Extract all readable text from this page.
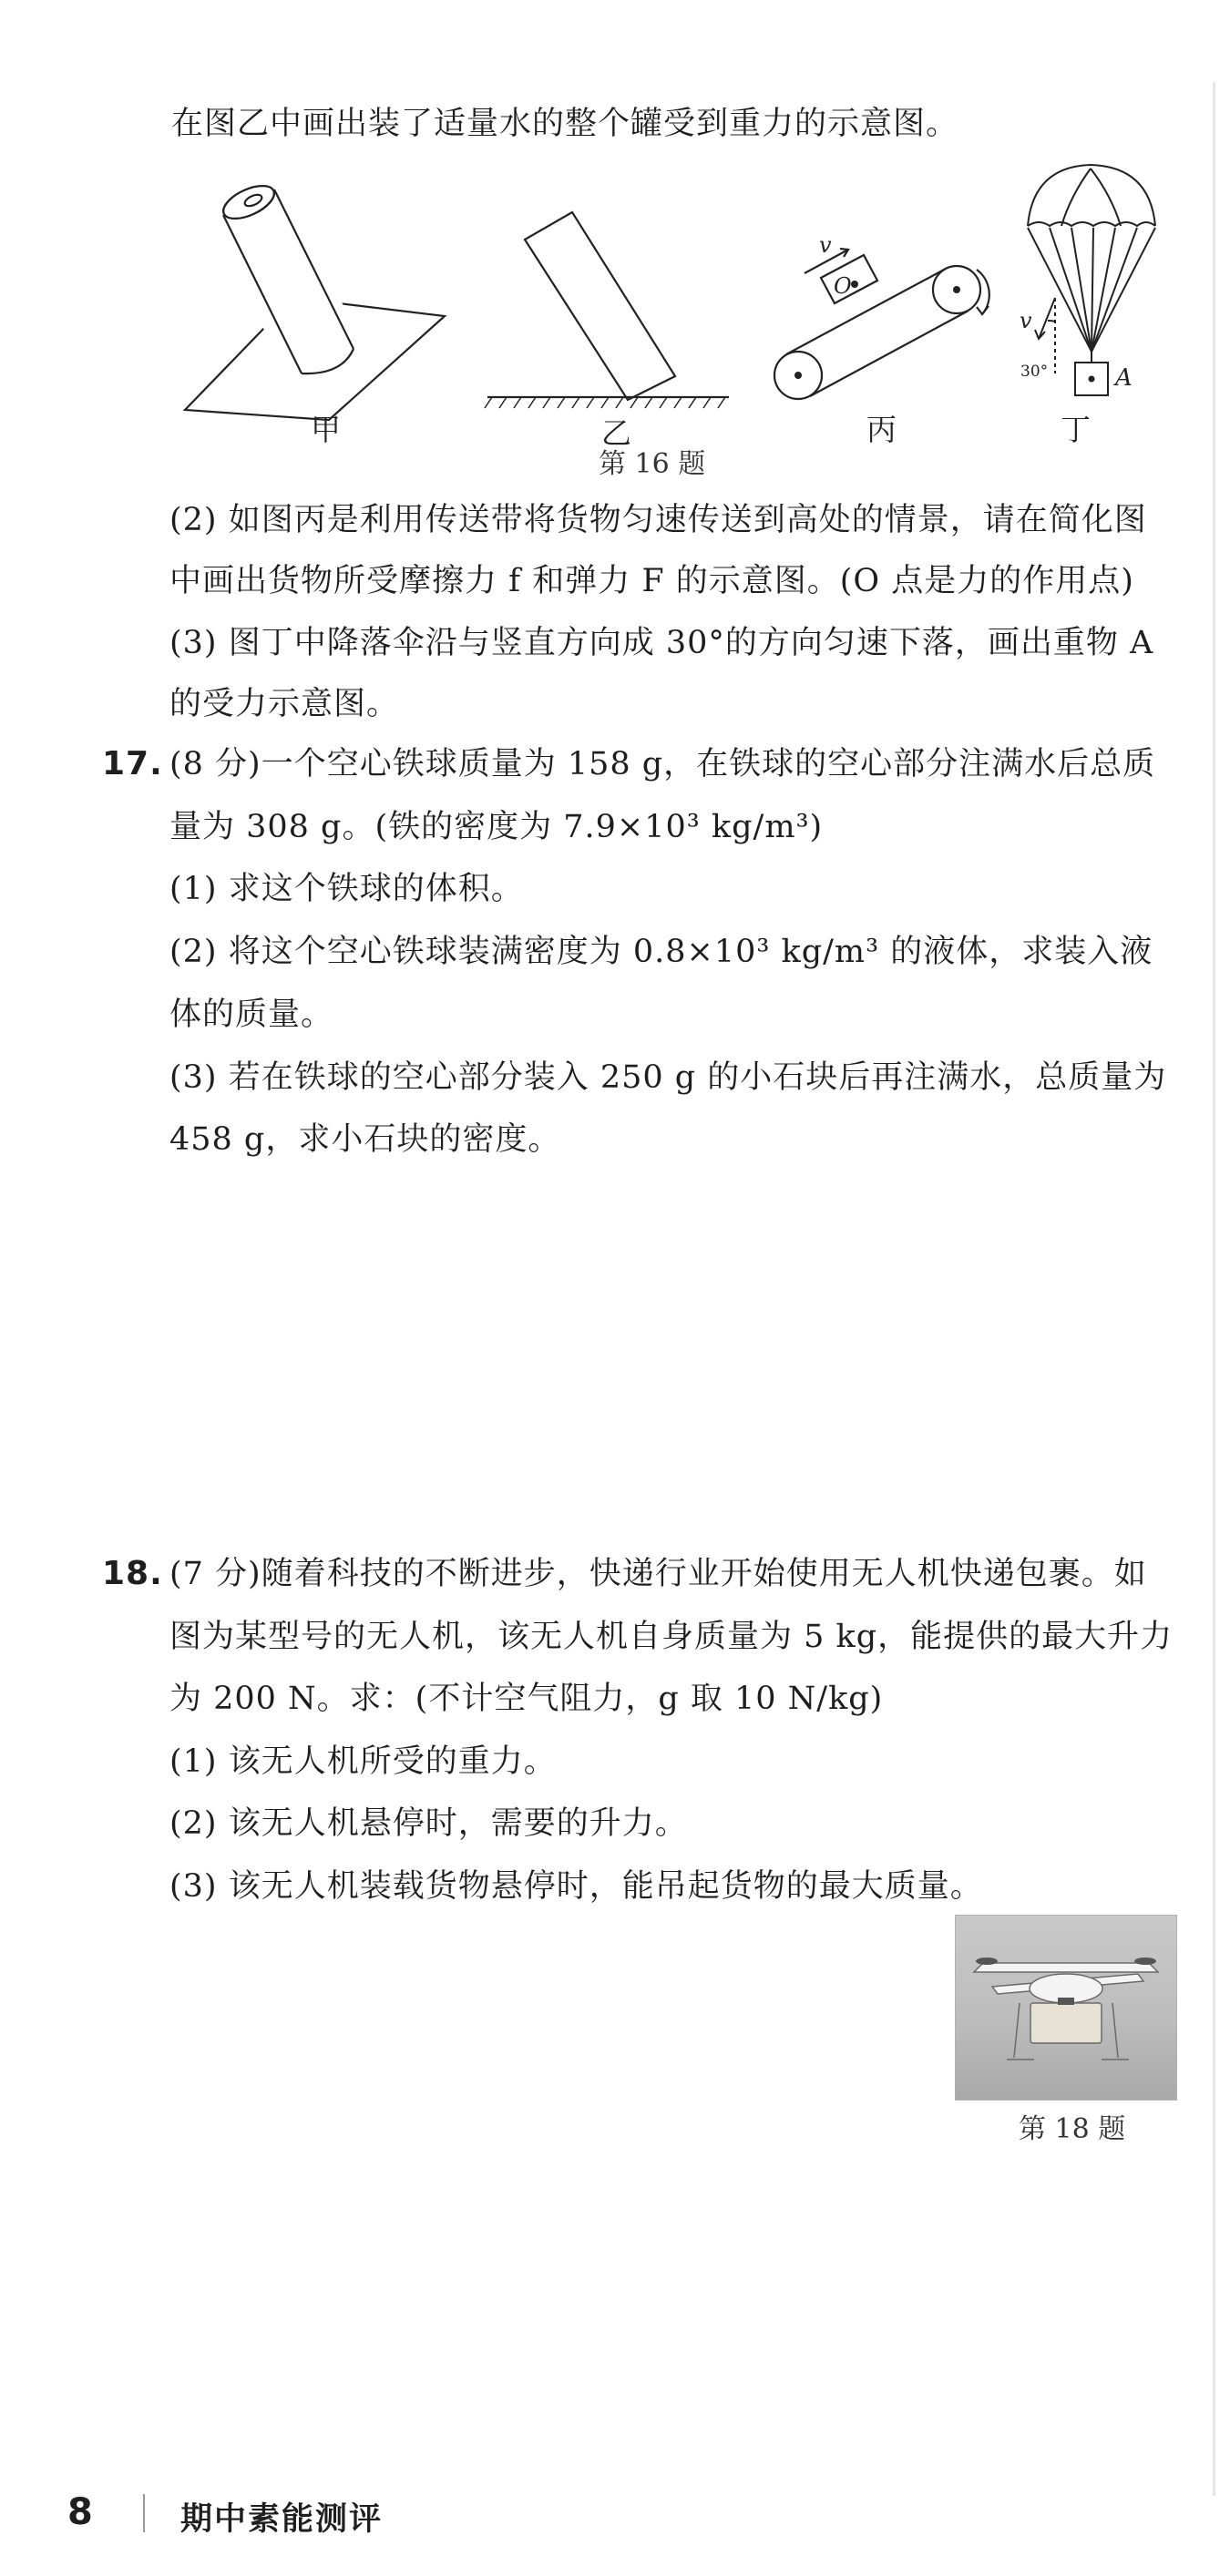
在图乙中画出装了适量水的整个罐受到重力的示意图。
v
O
v
30°	A
甲	乙	丙	丁
第 16 题
(2) 如图丙是利用传送带将货物匀速传送到高处的情景，请在简化图
中画出货物所受摩擦力 f 和弹力 F 的示意图。(O 点是力的作用点)
(3) 图丁中降落伞沿与竖直方向成 30°的方向匀速下落，画出重物 A
的受力示意图。
17. (8 分)一个空心铁球质量为 158 g，在铁球的空心部分注满水后总质
量为 308 g。(铁的密度为 7.9×10³ kg/m³)
(1) 求这个铁球的体积。
(2) 将这个空心铁球装满密度为 0.8×10³ kg/m³ 的液体，求装入液
体的质量。
(3) 若在铁球的空心部分装入 250 g 的小石块后再注满水，总质量为
458 g，求小石块的密度。
18. (7 分)随着科技的不断进步，快递行业开始使用无人机快递包裹。如
图为某型号的无人机，该无人机自身质量为 5 kg，能提供的最大升力
为 200 N。求：(不计空气阻力，g 取 10 N/kg)
(1) 该无人机所受的重力。
(2) 该无人机悬停时，需要的升力。
(3) 该无人机装载货物悬停时，能吊起货物的最大质量。
第 18 题
8	期中素能测评
